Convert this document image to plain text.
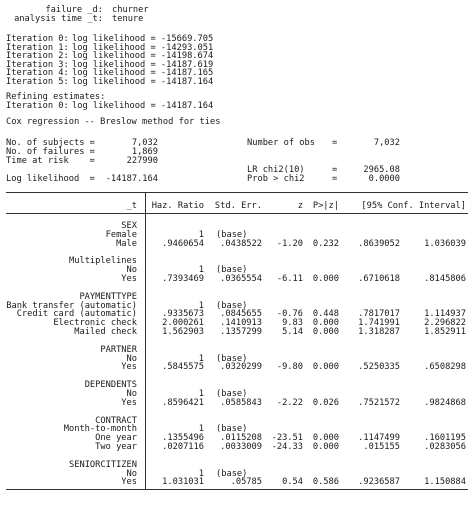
failure _d: churner
analysis time _t: tenure
Iteration 0: log likelihood = -15669.705
Iteration 1: log likelihood = -14293.051
Iteration 2: log likelihood = -14198.674
Iteration 3: log likelihood = -14187.619
Iteration 4: log likelihood = -14187.165
Iteration 5: log likelihood = -14187.164
Refining estimates:
Iteration 0: log likelihood = -14187.164
Cox regression -- Breslow method for ties
No. of subjects =	7,032
No. of failures =	1,869
Time at risk    =	227990
Number of obs =	7,032
LR chi2(10)	=	2965.08
Prob > chi2	=	0.0000
Log likelihood  =	-14187.164
_t Haz. Ratio	Std. Err.	z	P>|z|	[95% Conf. Interval]
SEX
Female	1 (base)
Male	.9460654	.0438522	-1.20	0.232	.8639052	1.036039
Multiplelines
No	1 (base)
Yes	.7393469	.0365554	-6.11	0.000	.6710618	.8145806
PAYMENTTYPE
Bank transfer (automatic)	1 (base)
Credit card (automatic)	.9335673	.0845655	-0.76	0.448	.7817017	1.114937
Electronic check	2.000261	.1410913	9.83	0.000	1.741991	2.296822
Mailed check	1.562903	.1357299	5.14	0.000	1.318287	1.852911
PARTNER
No	1 (base)
Yes	.5845575	.0320299	-9.80	0.000	.5250335	.6508298
DEPENDENTS
No	1 (base)
Yes	.8596421	.0585843	-2.22	0.026	.7521572	.9824868
CONTRACT
Month-to-month	1 (base)
One year	.1355496	.0115208	-23.51	0.000	.1147499	.1601195
Two year	.0207116	.0033009	-24.33	0.000	.015155	.0283056
SENIORCITIZEN
No	1 (base)
Yes	1.031031	.05785	0.54	0.586	.9236587	1.150884
